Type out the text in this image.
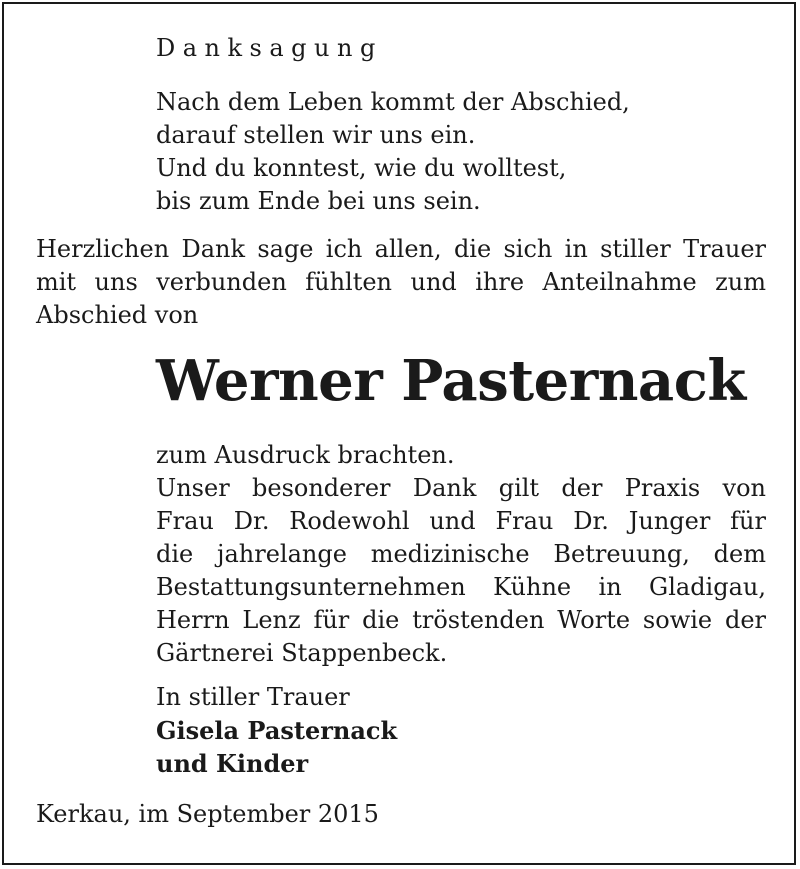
Danksagung
Nach dem Leben kommt der Abschied,
darauf stellen wir uns ein.
Und du konntest, wie du wolltest,
bis zum Ende bei uns sein.
Herzlichen Dank sage ich allen, die sich in stiller Trauer
mit uns verbunden fühlten und ihre Anteilnahme zum
Abschied von
Werner Pasternack
zum Ausdruck brachten.
Unser besonderer Dank gilt der Praxis von
Frau Dr. Rodewohl und Frau Dr. Junger für
die jahrelange medizinische Betreuung, dem
Bestattungsunternehmen Kühne in Gladigau,
Herrn Lenz für die tröstenden Worte sowie der
Gärtnerei Stappenbeck.
In stiller Trauer
Gisela Pasternack
und Kinder
Kerkau, im September 2015
